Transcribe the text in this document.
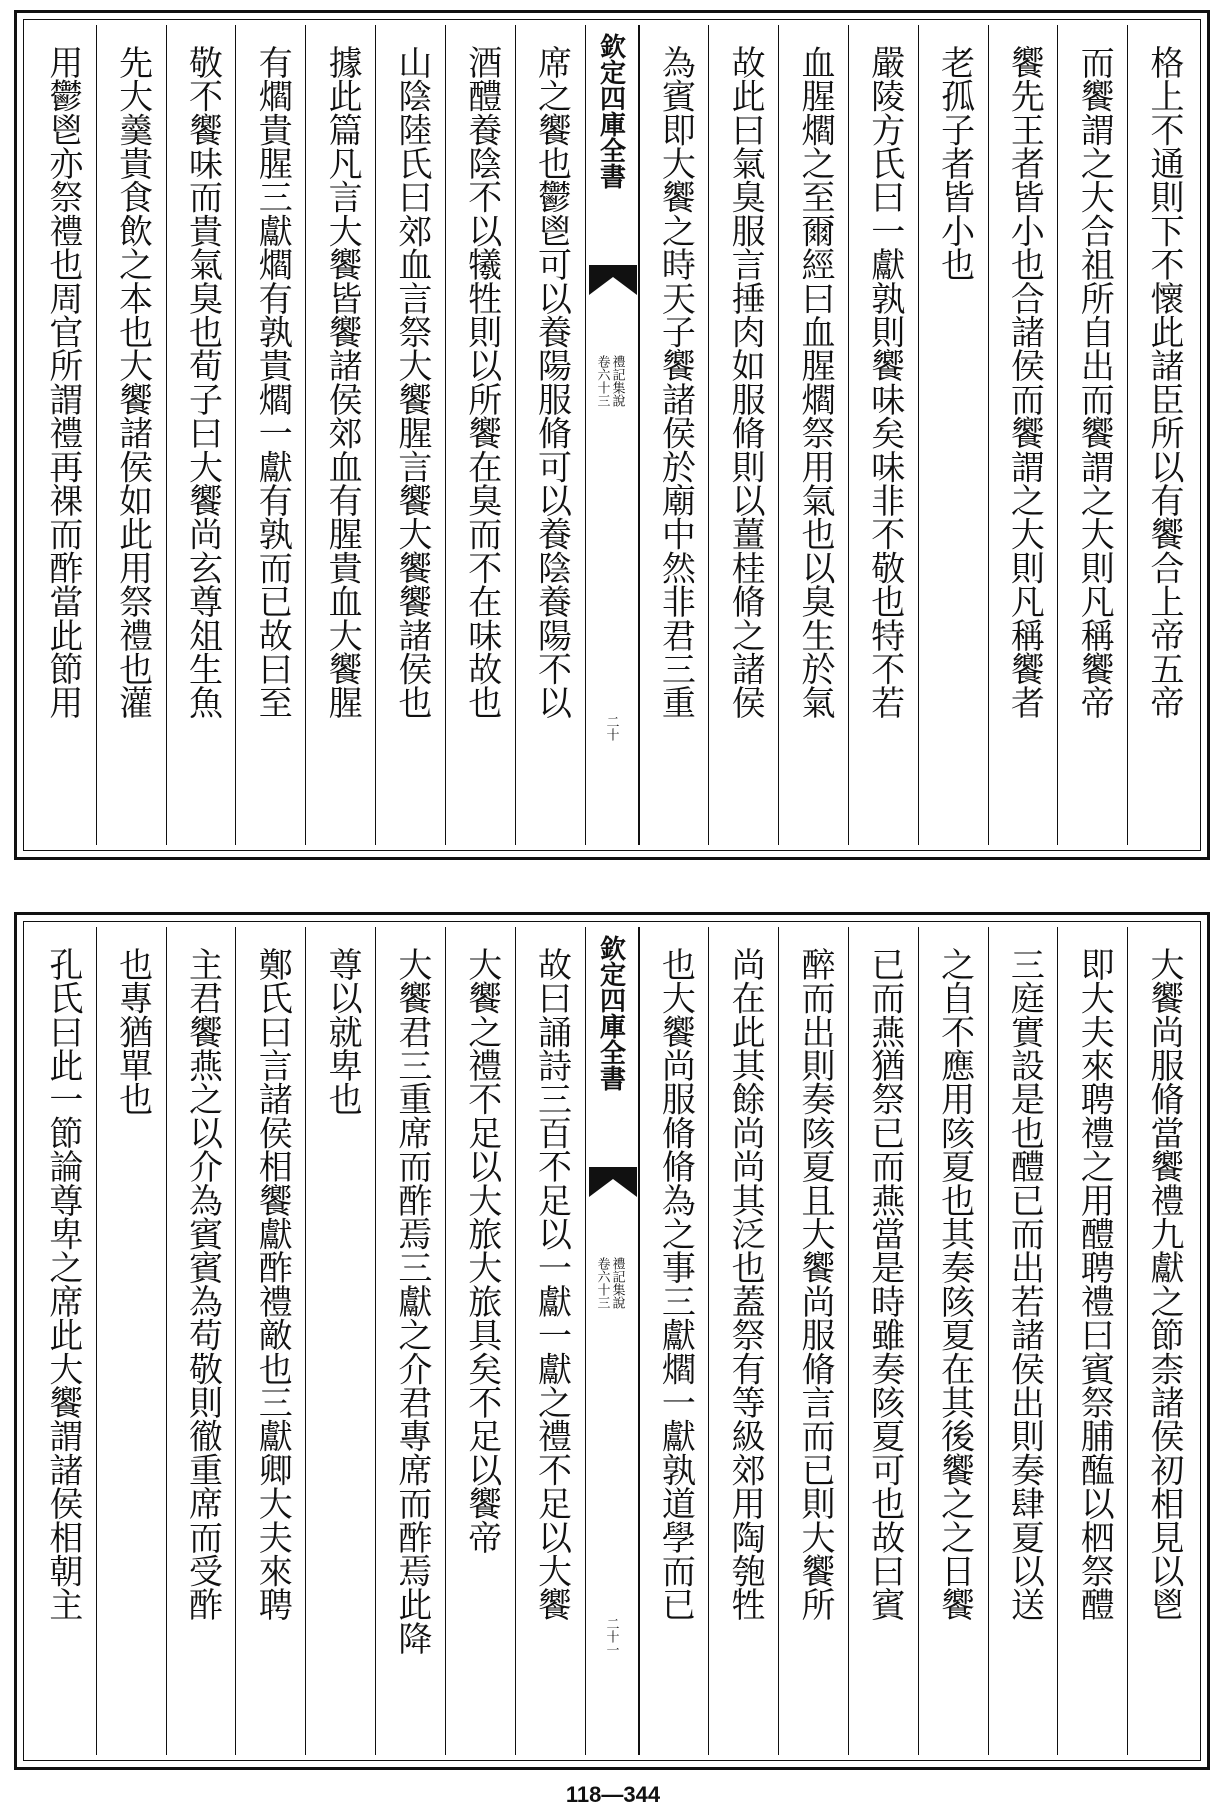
格上不通則下不懷此諸臣所以有饗合上帝五帝
而饗謂之大合祖所自出而饗謂之大則凡稱饗帝
饗先王者皆小也合諸侯而饗謂之大則凡稱饗者
老孤子者皆小也
嚴陵方氏曰一獻孰則饗味矣味非不敬也特不若
血腥爓之至爾經曰血腥爓祭用氣也以臭生於氣
故此曰氣臭服言捶肉如服脩則以薑桂脩之諸侯
為賓即大饗之時天子饗諸侯於廟中然非君三重
欽定四庫全書
禮記集說
卷六十三
二十
席之饗也鬱鬯可以養陽服脩可以養陰養陽不以
酒醴養陰不以犧牲則以所饗在臭而不在味故也
山陰陸氏曰郊血言祭大饗腥言饗大饗饗諸侯也
據此篇凡言大饗皆饗諸侯郊血有腥貴血大饗腥
有爓貴腥三獻爓有孰貴爓一獻有孰而已故曰至
敬不饗味而貴氣臭也荀子曰大饗尚玄尊俎生魚
先大羹貴食飲之本也大饗諸侯如此用祭禮也灌
用鬱鬯亦祭禮也周官所謂禮再祼而酢當此節用
大饗尚服脩當饗禮九獻之節柰諸侯初相見以鬯
即大夫來聘禮之用醴聘禮曰賓祭脯醢以柶祭醴
三庭實設是也醴已而出若諸侯出則奏肆夏以送
之自不應用陔夏也其奏陔夏在其後饗之之日饗
已而燕猶祭已而燕當是時雖奏陔夏可也故曰賓
醉而出則奏陔夏且大饗尚服脩言而已則大饗所
尚在此其餘尚尚其泛也蓋祭有等級郊用陶匏牲
也大饗尚服脩脩為之事三獻爓一獻孰道學而已
欽定四庫全書
禮記集說
卷六十三
二十一
故曰誦詩三百不足以一獻一獻之禮不足以大饗
大饗之禮不足以大旅大旅具矣不足以饗帝
大饗君三重席而酢焉三獻之介君專席而酢焉此降
尊以就卑也
鄭氏曰言諸侯相饗獻酢禮敵也三獻卿大夫來聘
主君饗燕之以介為賓賓為苟敬則徹重席而受酢
也專猶單也
孔氏曰此一節論尊卑之席此大饗謂諸侯相朝主
118—344
